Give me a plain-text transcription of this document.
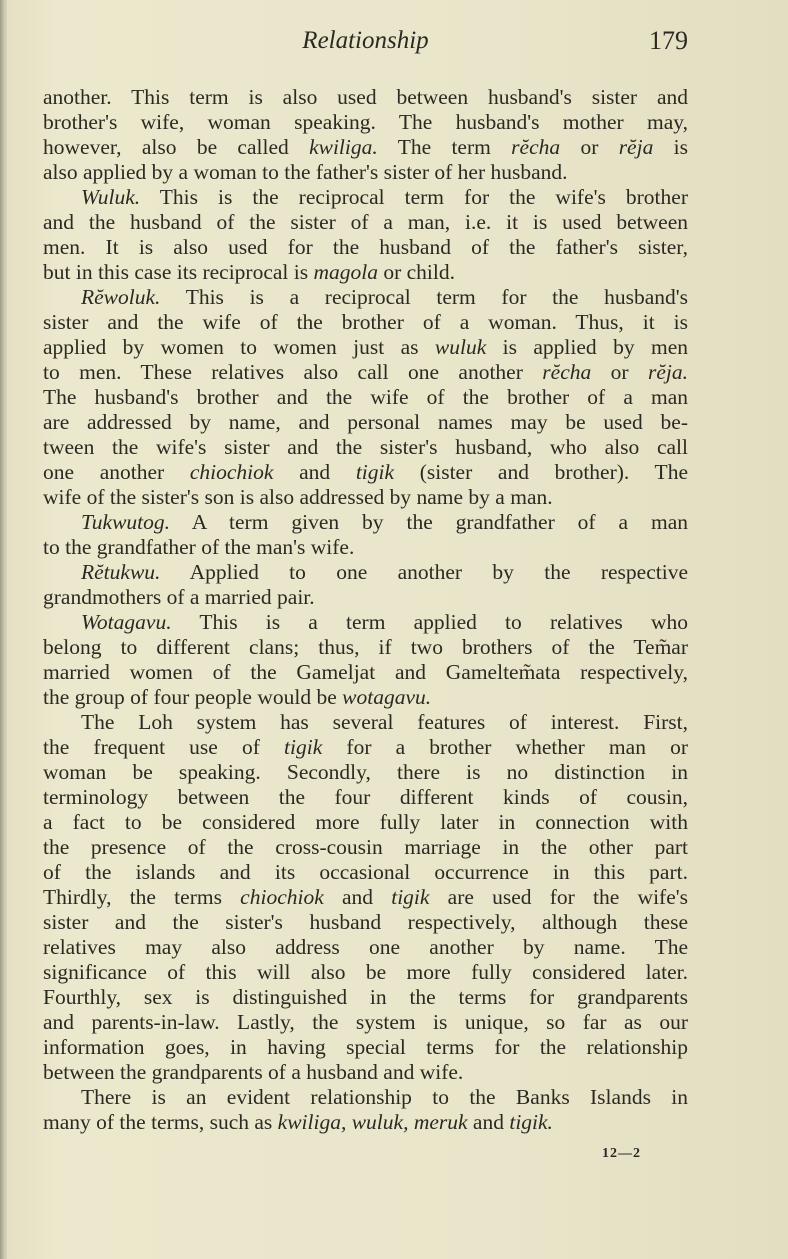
Relationship	179
another. This term is also used between husband's sister and
brother's wife, woman speaking. The husband's mother may,
however, also be called kwiliga. The term rĕcha or rĕja is
also applied by a woman to the father's sister of her husband.
Wuluk. This is the reciprocal term for the wife's brother
and the husband of the sister of a man, i.e. it is used between
men. It is also used for the husband of the father's sister,
but in this case its reciprocal is magola or child.
Rĕwoluk. This is a reciprocal term for the husband's
sister and the wife of the brother of a woman. Thus, it is
applied by women to women just as wuluk is applied by men
to men. These relatives also call one another rĕcha or rĕja.
The husband's brother and the wife of the brother of a man
are addressed by name, and personal names may be used be-
tween the wife's sister and the sister's husband, who also call
one another chiochiok and tigik (sister and brother). The
wife of the sister's son is also addressed by name by a man.
Tukwutog. A term given by the grandfather of a man
to the grandfather of the man's wife.
Rĕtukwu. Applied to one another by the respective
grandmothers of a married pair.
Wotagavu. This is a term applied to relatives who
belong to different clans; thus, if two brothers of the Tem̃ar
married women of the Gameljat and Gameltem̃ata respectively,
the group of four people would be wotagavu.
The Loh system has several features of interest. First,
the frequent use of tigik for a brother whether man or
woman be speaking. Secondly, there is no distinction in
terminology between the four different kinds of cousin,
a fact to be considered more fully later in connection with
the presence of the cross-cousin marriage in the other part
of the islands and its occasional occurrence in this part.
Thirdly, the terms chiochiok and tigik are used for the wife's
sister and the sister's husband respectively, although these
relatives may also address one another by name. The
significance of this will also be more fully considered later.
Fourthly, sex is distinguished in the terms for grandparents
and parents-in-law. Lastly, the system is unique, so far as our
information goes, in having special terms for the relationship
between the grandparents of a husband and wife.
There is an evident relationship to the Banks Islands in
many of the terms, such as kwiliga, wuluk, meruk and tigik.
12—2
